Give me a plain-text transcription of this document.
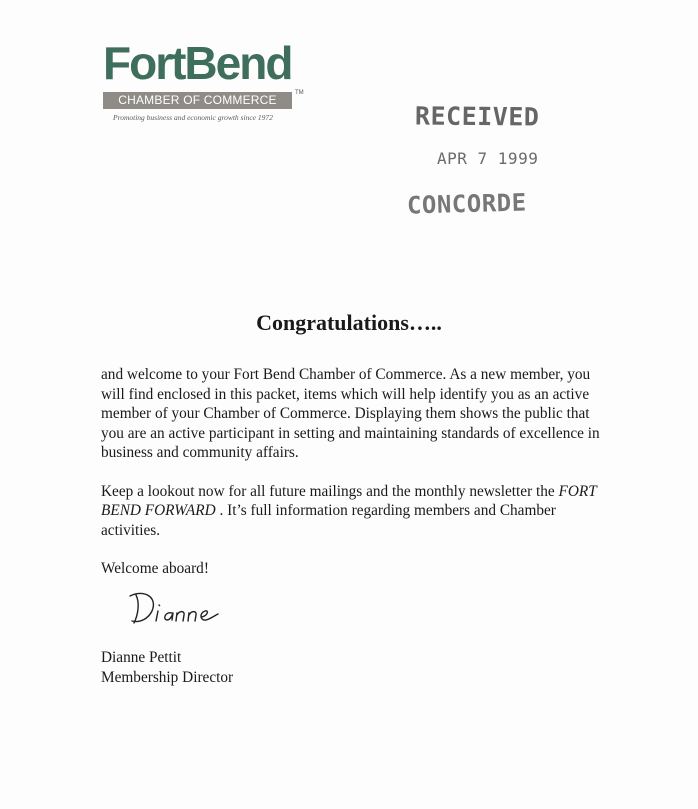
FortBend
CHAMBER OF COMMERCE	TM
Promoting business and economic growth since 1972	RECEIVED
APR 7 1999
CONCORDE
Congratulations…..

and welcome to your Fort Bend Chamber of Commerce. As a new member, you will find enclosed in this packet, items which will help identify you as an active member of your Chamber of Commerce. Displaying them shows the public that you are an active participant in setting and maintaining standards of excellence in business and community affairs.

Keep a lookout now for all future mailings and the monthly newsletter the FORT BEND FORWARD . It’s full information regarding members and Chamber activities.

Welcome aboard!

Dianne Pettit
Membership Director
